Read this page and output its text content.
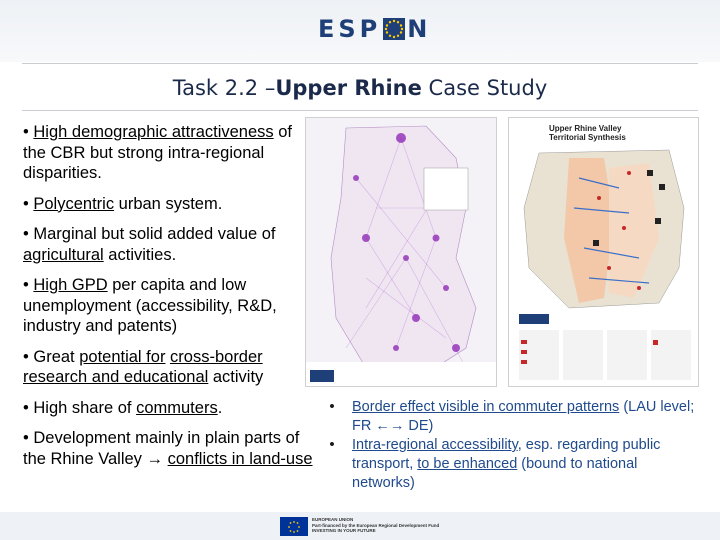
ESP N
Task 2.2 –Upper Rhine Case Study
• High demographic attractiveness of the CBR but strong intra-regional disparities.
• Polycentric urban system.
• Marginal but solid added value of agricultural activities.
• High GPD per capita and low unemployment (accessibility, R&D, industry and patents)
• Great potential for cross-border research and educational activity
• High share of commuters.
• Development mainly in plain parts of the Rhine Valley → conflicts in land-use
Upper Rhine Valley
Territorial Synthesis
•	Border effect visible in commuter patterns (LAU level; FR ←→ DE)
•	Intra-regional accessibility, esp. regarding public transport, to be enhanced (bound to national networks)
EUROPEAN UNION
Part-financed by the European Regional Development Fund
INVESTING IN YOUR FUTURE
